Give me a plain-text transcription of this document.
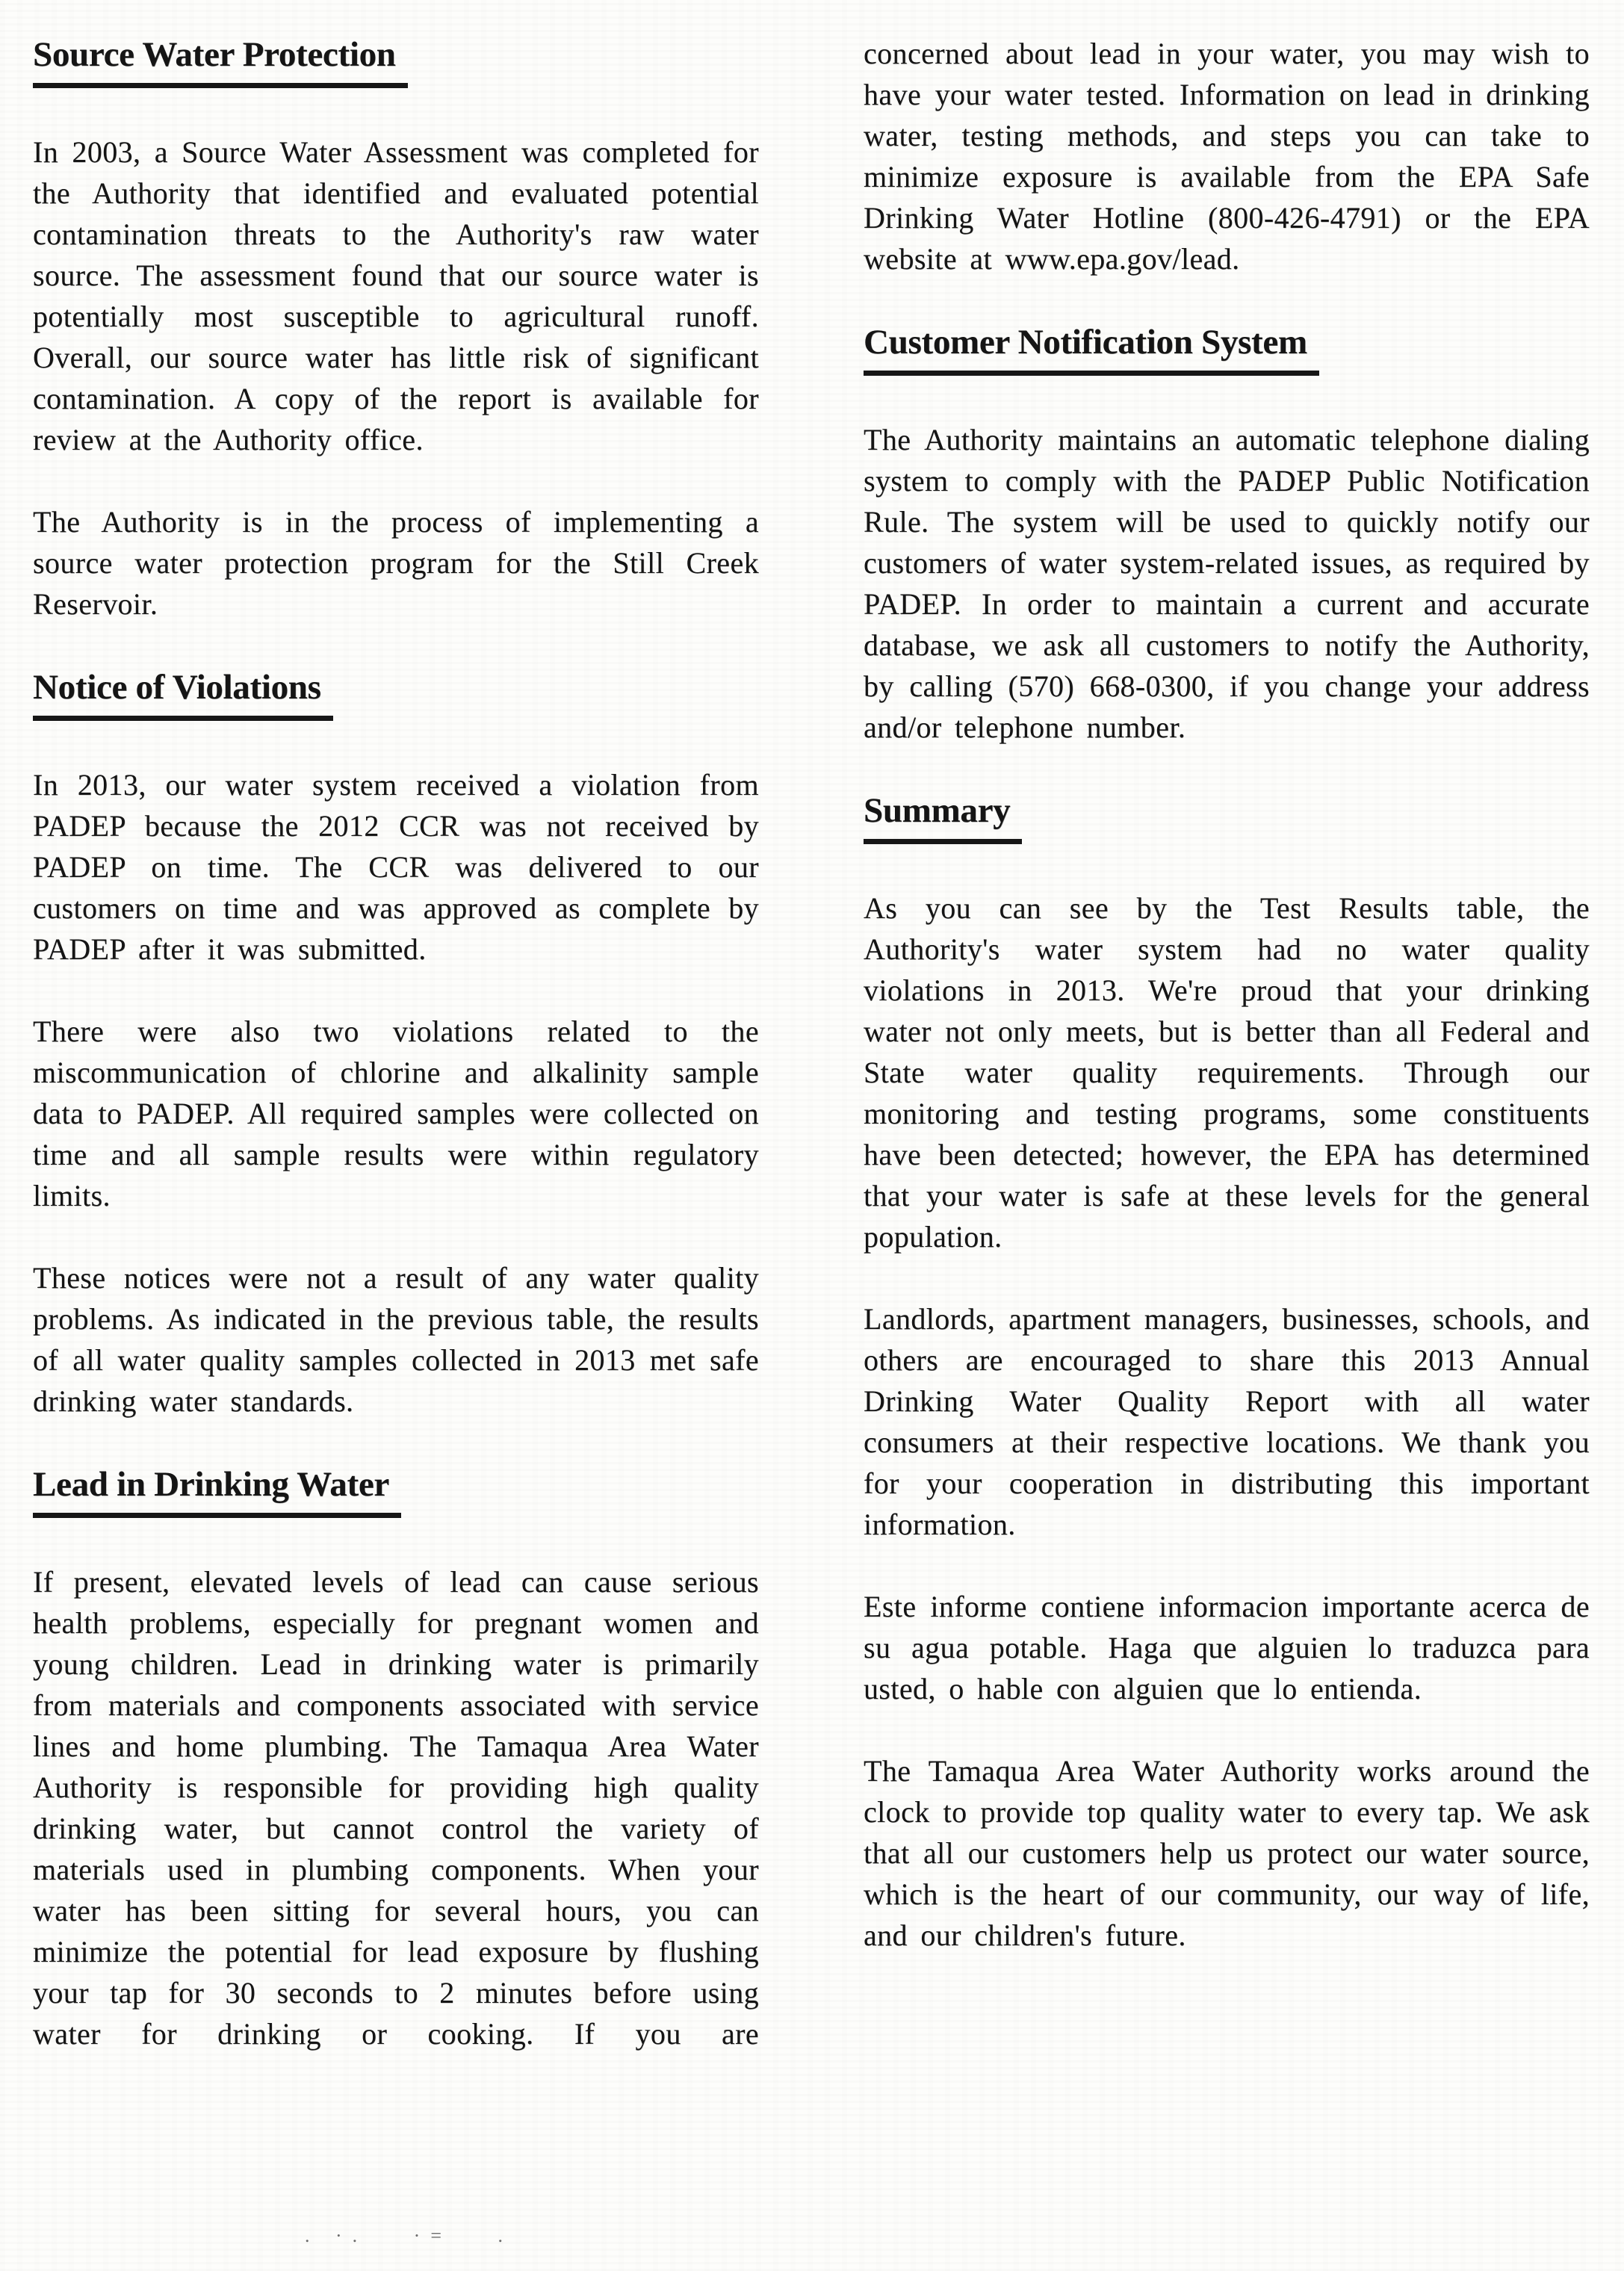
Source Water Protection

In 2003, a Source Water Assessment was completed for the Authority that identified and evaluated potential contamination threats to the Authority's raw water source. The assessment found that our source water is potentially most susceptible to agricultural runoff. Overall, our source water has little risk of significant contamination. A copy of the report is available for review at the Authority office.

The Authority is in the process of implementing a source water protection program for the Still Creek Reservoir.

Notice of Violations

In 2013, our water system received a violation from PADEP because the 2012 CCR was not received by PADEP on time. The CCR was delivered to our customers on time and was approved as complete by PADEP after it was submitted.

There were also two violations related to the miscommunication of chlorine and alkalinity sample data to PADEP. All required samples were collected on time and all sample results were within regulatory limits.

These notices were not a result of any water quality problems. As indicated in the previous table, the results of all water quality samples collected in 2013 met safe drinking water standards.

Lead in Drinking Water

If present, elevated levels of lead can cause serious health problems, especially for pregnant women and young children. Lead in drinking water is primarily from materials and components associated with service lines and home plumbing. The Tamaqua Area Water Authority is responsible for providing high quality drinking water, but cannot control the variety of materials used in plumbing components. When your water has been sitting for several hours, you can minimize the potential for lead exposure by flushing your tap for 30 seconds to 2 minutes before using water for drinking or cooking. If you are

concerned about lead in your water, you may wish to have your water tested. Information on lead in drinking water, testing methods, and steps you can take to minimize exposure is available from the EPA Safe Drinking Water Hotline (800-426-4791) or the EPA website at www.epa.gov/lead.

Customer Notification System

The Authority maintains an automatic telephone dialing system to comply with the PADEP Public Notification Rule. The system will be used to quickly notify our customers of water system-related issues, as required by PADEP. In order to maintain a current and accurate database, we ask all customers to notify the Authority, by calling (570) 668-0300, if you change your address and/or telephone number.

Summary

As you can see by the Test Results table, the Authority's water system had no water quality violations in 2013. We're proud that your drinking water not only meets, but is better than all Federal and State water quality requirements. Through our monitoring and testing programs, some constituents have been detected; however, the EPA has determined that your water is safe at these levels for the general population.

Landlords, apartment managers, businesses, schools, and others are encouraged to share this 2013 Annual Drinking Water Quality Report with all water consumers at their respective locations. We thank you for your cooperation in distributing this important information.

Este informe contiene informacion importante acerca de su agua potable. Haga que alguien lo traduzca para usted, o hable con alguien que lo entienda.

The Tamaqua Area Water Authority works around the clock to provide top quality water to every tap. We ask that all our customers help us protect our water source, which is the heart of our community, our way of life, and our children's future.

. ·.   ·=   .
